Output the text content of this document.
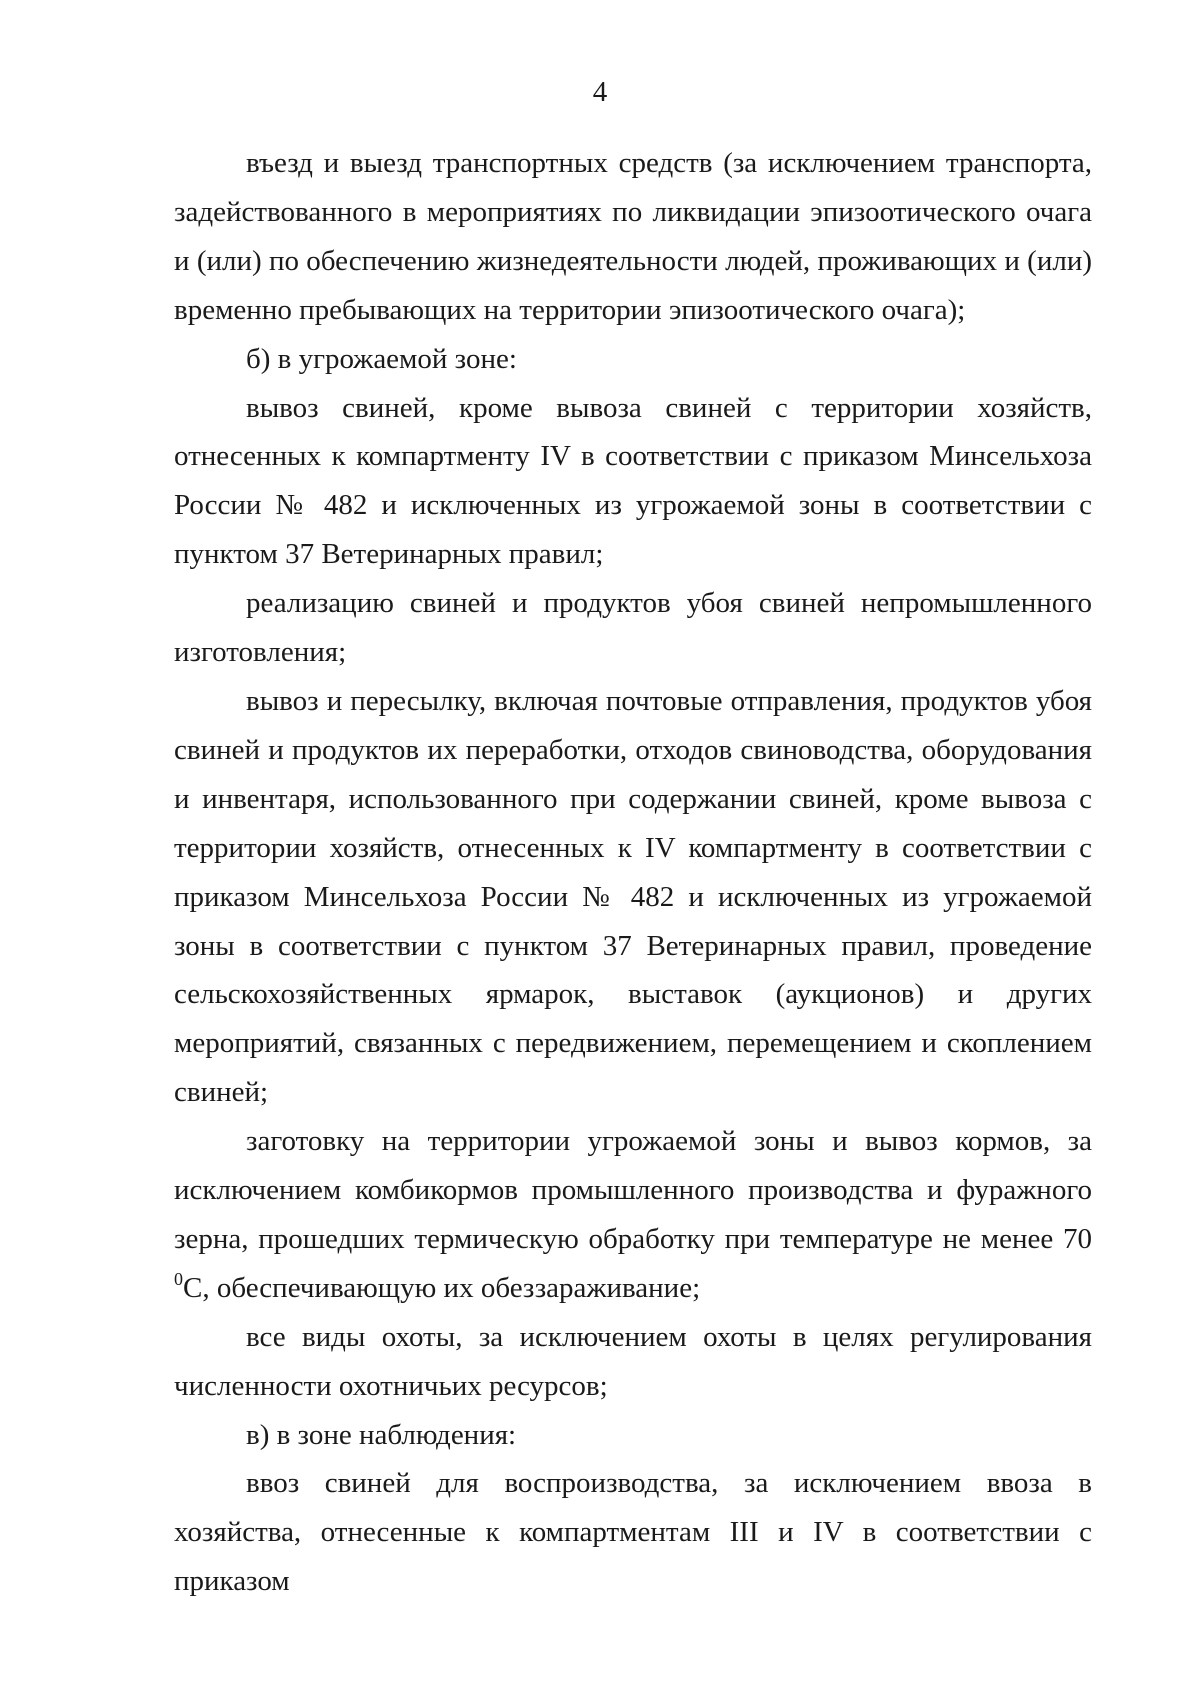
4

въезд и выезд транспортных средств (за исключением транспорта, задействованного в мероприятиях по ликвидации эпизоотического очага и (или) по обеспечению жизнедеятельности людей, проживающих и (или) временно пребывающих на территории эпизоотического очага);

б) в угрожаемой зоне:

вывоз свиней, кроме вывоза свиней с территории хозяйств, отнесенных к компартменту IV в соответствии с приказом Минсельхоза России № 482 и исключенных из угрожаемой зоны в соответствии с пунктом 37 Ветеринарных правил;

реализацию свиней и продуктов убоя свиней непромышленного изготовления;

вывоз и пересылку, включая почтовые отправления, продуктов убоя свиней и продуктов их переработки, отходов свиноводства, оборудования и инвентаря, использованного при содержании свиней, кроме вывоза с территории хозяйств, отнесенных к IV компартменту в соответствии с приказом Минсельхоза России № 482 и исключенных из угрожаемой зоны в соответствии с пунктом 37 Ветеринарных правил, проведение сельскохозяйственных ярмарок, выставок (аукционов) и других мероприятий, связанных с передвижением, перемещением и скоплением свиней;

заготовку на территории угрожаемой зоны и вывоз кормов, за исключением комбикормов промышленного производства и фуражного зерна, прошедших термическую обработку при температуре не менее 70 $^0$С, обеспечивающую их обеззараживание;

все виды охоты, за исключением охоты в целях регулирования численности охотничьих ресурсов;

в) в зоне наблюдения:

ввоз свиней для воспроизводства, за исключением ввоза в хозяйства, отнесенные к компартментам III и IV в соответствии с приказом
